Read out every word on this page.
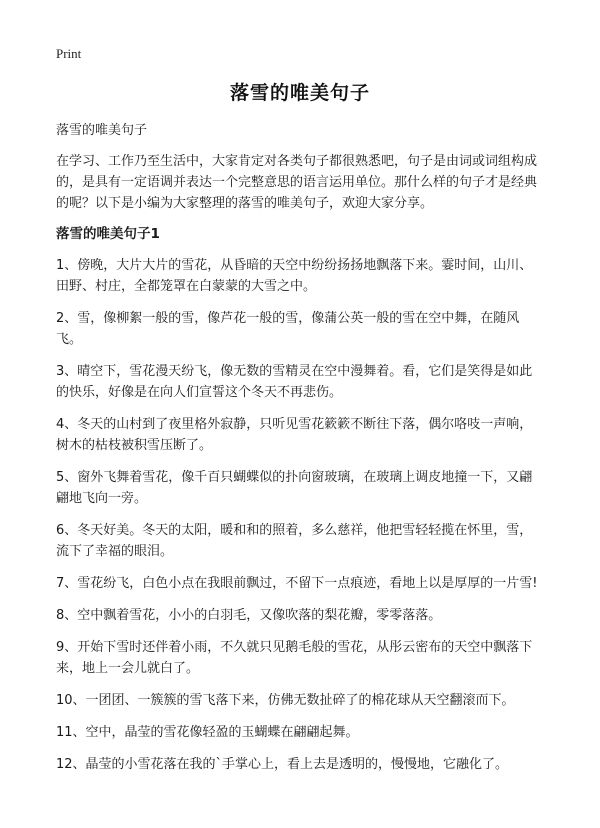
Print
落雪的唯美句子

落雪的唯美句子

在学习、工作乃至生活中，大家肯定对各类句子都很熟悉吧，句子是由词或词组构成的，是具有一定语调并表达一个完整意思的语言运用单位。那什么样的句子才是经典的呢？以下是小编为大家整理的落雪的唯美句子，欢迎大家分享。

落雪的唯美句子1

1、傍晚，大片大片的雪花，从昏暗的天空中纷纷扬扬地飘落下来。霎时间，山川、田野、村庄，全都笼罩在白蒙蒙的大雪之中。

2、雪，像柳絮一般的雪，像芦花一般的雪，像蒲公英一般的雪在空中舞，在随风飞。

3、晴空下，雪花漫天纷飞，像无数的雪精灵在空中漫舞着。看，它们是笑得是如此的快乐，好像是在向人们宣誓这个冬天不再悲伤。

4、冬天的山村到了夜里格外寂静，只听见雪花簌簌不断往下落，偶尔咯吱一声响，树木的枯枝被积雪压断了。

5、窗外飞舞着雪花，像千百只蝴蝶似的扑向窗玻璃，在玻璃上调皮地撞一下，又翩翩地飞向一旁。

6、冬天好美。冬天的太阳，暖和和的照着，多么慈祥，他把雪轻轻揽在怀里，雪，流下了幸福的眼泪。

7、雪花纷飞，白色小点在我眼前飘过，不留下一点痕迹，看地上以是厚厚的一片雪!

8、空中飘着雪花，小小的白羽毛，又像吹落的梨花瓣，零零落落。

9、开始下雪时还伴着小雨，不久就只见鹅毛般的雪花，从彤云密布的天空中飘落下来，地上一会儿就白了。

10、一团团、一簇簇的雪飞落下来，仿佛无数扯碎了的棉花球从天空翻滚而下。

11、空中，晶莹的雪花像轻盈的玉蝴蝶在翩翩起舞。

12、晶莹的小雪花落在我的`手掌心上，看上去是透明的，慢慢地，它融化了。
